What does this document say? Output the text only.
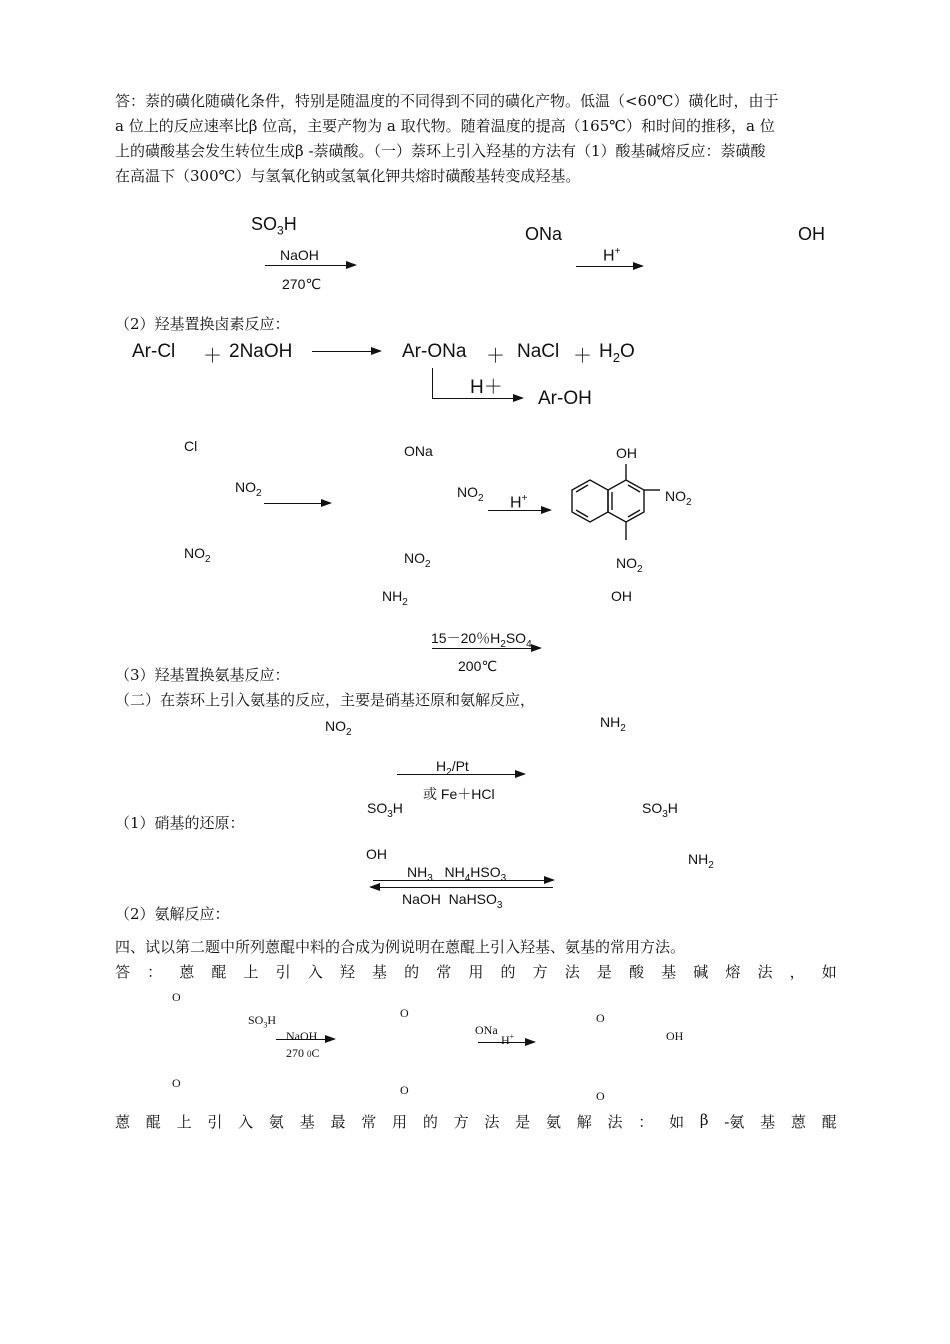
答：萘的磺化随磺化条件，特别是随温度的不同得到不同的磺化产物。低温（<60℃）磺化时，由于
a 位上的反应速率比β 位高，主要产物为 a 取代物。随着温度的提高（165℃）和时间的推移，a 位
上的磺酸基会发生转位生成β -萘磺酸。（一）萘环上引入羟基的方法有（1）酸基碱熔反应：萘磺酸
在高温下（300℃）与氢氧化钠或氢氧化钾共熔时磺酸基转变成羟基。
$SO_3H$
NaOH
270℃
ONa
H+
OH
（2）羟基置换卤素反应：
Ar-Cl ＋ 2NaOH	Ar-ONa ＋ NaCl ＋ $H_2O$
H＋
Ar-OH
Cl
$NO_2$
$NO_2$
ONa
$NO_2$ H+
$NO_2$
OH
$NO_2$
$NO_2$
$NH_2$	OH
15－20％$H_2SO_4$
200℃
（3）羟基置换氨基反应：
（二）在萘环上引入氨基的反应，主要是硝基还原和氨解反应，
$NO_2$
$NH_2$
$H_2/Pt$
或 Fe＋HCl
$SO_3H$	$SO_3H$
（1）硝基的还原：
OH	$NH_2$
$NH_3$   $NH_4HSO_3$
NaOH  NaHSO$_3$
（2）氨解反应：
四、试以第二题中所列蒽醌中料的合成为例说明在蒽醌上引入羟基、氨基的常用方法。
答 ： 蒽 醌 上 引 入 羟 基 的 常 用 的 方 法 是 酸 基 碱 熔 法 ， 如
O
$SO_3H$
NaOH
270 0C
O
O
ONa
H+
O
O
OH
O
蒽 醌 上 引 入 氨 基 最 常 用 的 方 法 是 氨 解 法 ： 如 β -氨 基 蒽 醌
